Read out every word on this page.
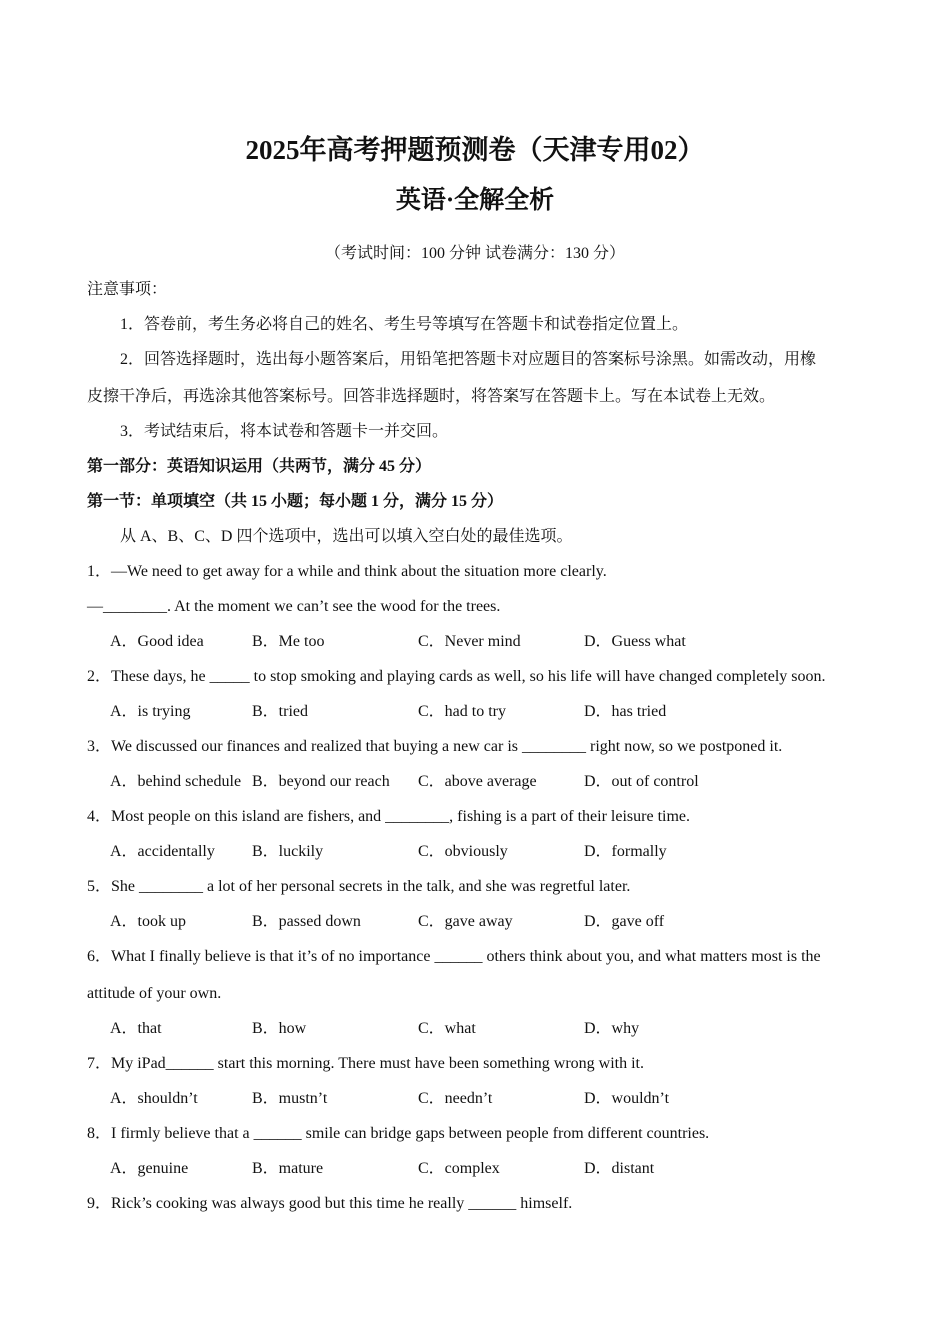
2025年高考押题预测卷（天津专用02）
英语·全解全析
（考试时间：100 分钟 试卷满分：130 分）
注意事项：
1．答卷前，考生务必将自己的姓名、考生号等填写在答题卡和试卷指定位置上。
2．回答选择题时，选出每小题答案后，用铅笔把答题卡对应题目的答案标号涂黑。如需改动，用橡
皮擦干净后，再选涂其他答案标号。回答非选择题时，将答案写在答题卡上。写在本试卷上无效。
3．考试结束后，将本试卷和答题卡一并交回。
第一部分：英语知识运用（共两节，满分 45 分）
第一节：单项填空（共 15 小题；每小题 1 分，满分 15 分）
从 A、B、C、D 四个选项中，选出可以填入空白处的最佳选项。
1．—We need to get away for a while and think about the situation more clearly.
—________. At the moment we can’t see the wood for the trees.
A．Good idea	B．Me too	C．Never mind	D．Guess what
2．These days, he _____ to stop smoking and playing cards as well, so his life will have changed completely soon.
A．is trying	B．tried	C．had to try	D．has tried
3．We discussed our finances and realized that buying a new car is ________ right now, so we postponed it.
A．behind schedule B．beyond our reach C．above average	D．out of control
4．Most people on this island are fishers, and ________, fishing is a part of their leisure time.
A．accidentally B．luckily	C．obviously	D．formally
5．She ________ a lot of her personal secrets in the talk, and she was regretful later.
A．took up	B．passed down	C．gave away	D．gave off
6．What I finally believe is that it’s of no importance ______ others think about you, and what matters most is the
attitude of your own.
A．that	B．how	C．what	D．why
7．My iPad______ start this morning. There must have been something wrong with it.
A．shouldn’t	B．mustn’t	C．needn’t	D．wouldn’t
8．I firmly believe that a ______ smile can bridge gaps between people from different countries.
A．genuine	B．mature	C．complex	D．distant
9．Rick’s cooking was always good but this time he really ______ himself.
